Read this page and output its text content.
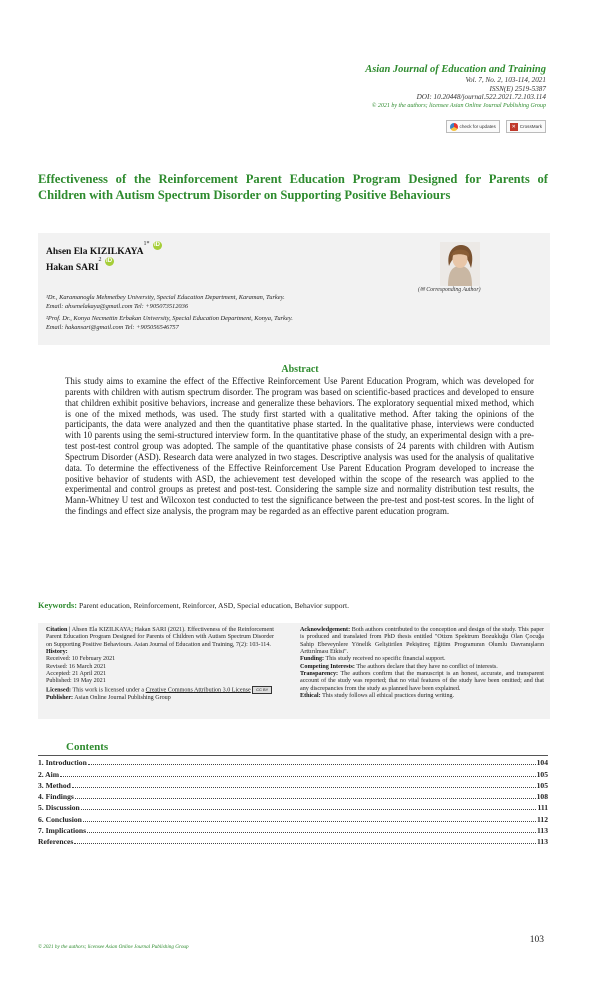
Asian Journal of Education and Training
Vol. 7, No. 2, 103-114, 2021
ISSN(E) 2519-5387
DOI: 10.20448/journal.522.2021.72.103.114
© 2021 by the authors; licensee Asian Online Journal Publishing Group
check for updates	✕ CrossMark
Effectiveness of the Reinforcement Parent Education Program Designed for Parents of Children with Autism Spectrum Disorder on Supporting Positive Behaviours
Ahsen Ela $KIZILKAYA^{1*}$ iD
Hakan SARI$^2$ iD
¹Dr., Karamanoglu Mehmetbey University, Special Education Department, Karaman, Turkey.
Email: ahsenelakaya@gmail.com Tel: +905073512036
²Prof. Dr., Konya Necmettin Erbakan University, Special Education Department, Konya, Turkey.
Email: hakansari@gmail.com Tel: +905056546757
(✉ Corresponding Author)
Abstract
This study aims to examine the effect of the Effective Reinforcement Use Parent Education Program, which was developed for parents with children with autism spectrum disorder. The program was based on scientific-based practices and developed to ensure that children exhibit positive behaviors, increase and generalize these behaviors. The exploratory sequential mixed method, which is one of the mixed methods, was used. The study first started with a qualitative method. After taking the opinions of the participants, the data were analyzed and then the quantitative phase started. In the qualitative phase, interviews were conducted with 10 parents using the semi-structured interview form. In the quantitative phase of the study, an experimental design with a pre-test post-test control group was adopted. The sample of the quantitative phase consists of 24 parents with children with Autism Spectrum Disorder (ASD). Research data were analyzed in two stages. Descriptive analysis was used for the analysis of qualitative data. To determine the effectiveness of the Effective Reinforcement Use Parent Education Program developed to increase the positive behavior of students with ASD, the achievement test developed within the scope of the research was applied to the experimental and control groups as pretest and post-test. Considering the sample size and normality distribution test results, the Mann-Whitney U test and Wilcoxon test conducted to test the significance between the pre-test and post-test scores. In the light of the findings and effect size analysis, the program may be regarded as an effective parent education program.
Keywords: Parent education, Reinforcement, Reinforcer, ASD, Special education, Behavior support.
Citation | Ahsen Ela KIZILKAYA; Hakan SARI (2021). Effectiveness of the Reinforcement Parent Education Program Designed for Parents of Children with Autism Spectrum Disorder on Supporting Positive Behaviours. Asian Journal of Education and Training, 7(2): 103-114.
History:
Received: 10 February 2021
Revised: 16 March 2021
Accepted: 21 April 2021
Published: 19 May 2021
Licensed: This work is licensed under a Creative Commons Attribution 3.0 License CC BY
Publisher: Asian Online Journal Publishing Group
Acknowledgement: Both authors contributed to the conception and design of the study. This paper is produced and translated from PhD thesis entitled "Otizm Spektrum Bozukluğu Olan Çocuğa Sahip Ebeveynlere Yönelik Geliştirilen Pekiştireç Eğitim Programının Olumlu Davranışların Arttırılması Etkisi".
Funding: This study received no specific financial support.
Competing Interests: The authors declare that they have no conflict of interests.
Transparency: The authors confirm that the manuscript is an honest, accurate, and transparent account of the study was reported; that no vital features of the study have been omitted; and that any discrepancies from the study as planned have been explained.
Ethical: This study follows all ethical practices during writing.
Contents
1. Introduction	104
2. Aim	105
3. Method	105
4. Findings	108
5. Discussion	111
6. Conclusion	112
7. Implications	113
References	113
103
© 2021 by the authors; licensee Asian Online Journal Publishing Group
